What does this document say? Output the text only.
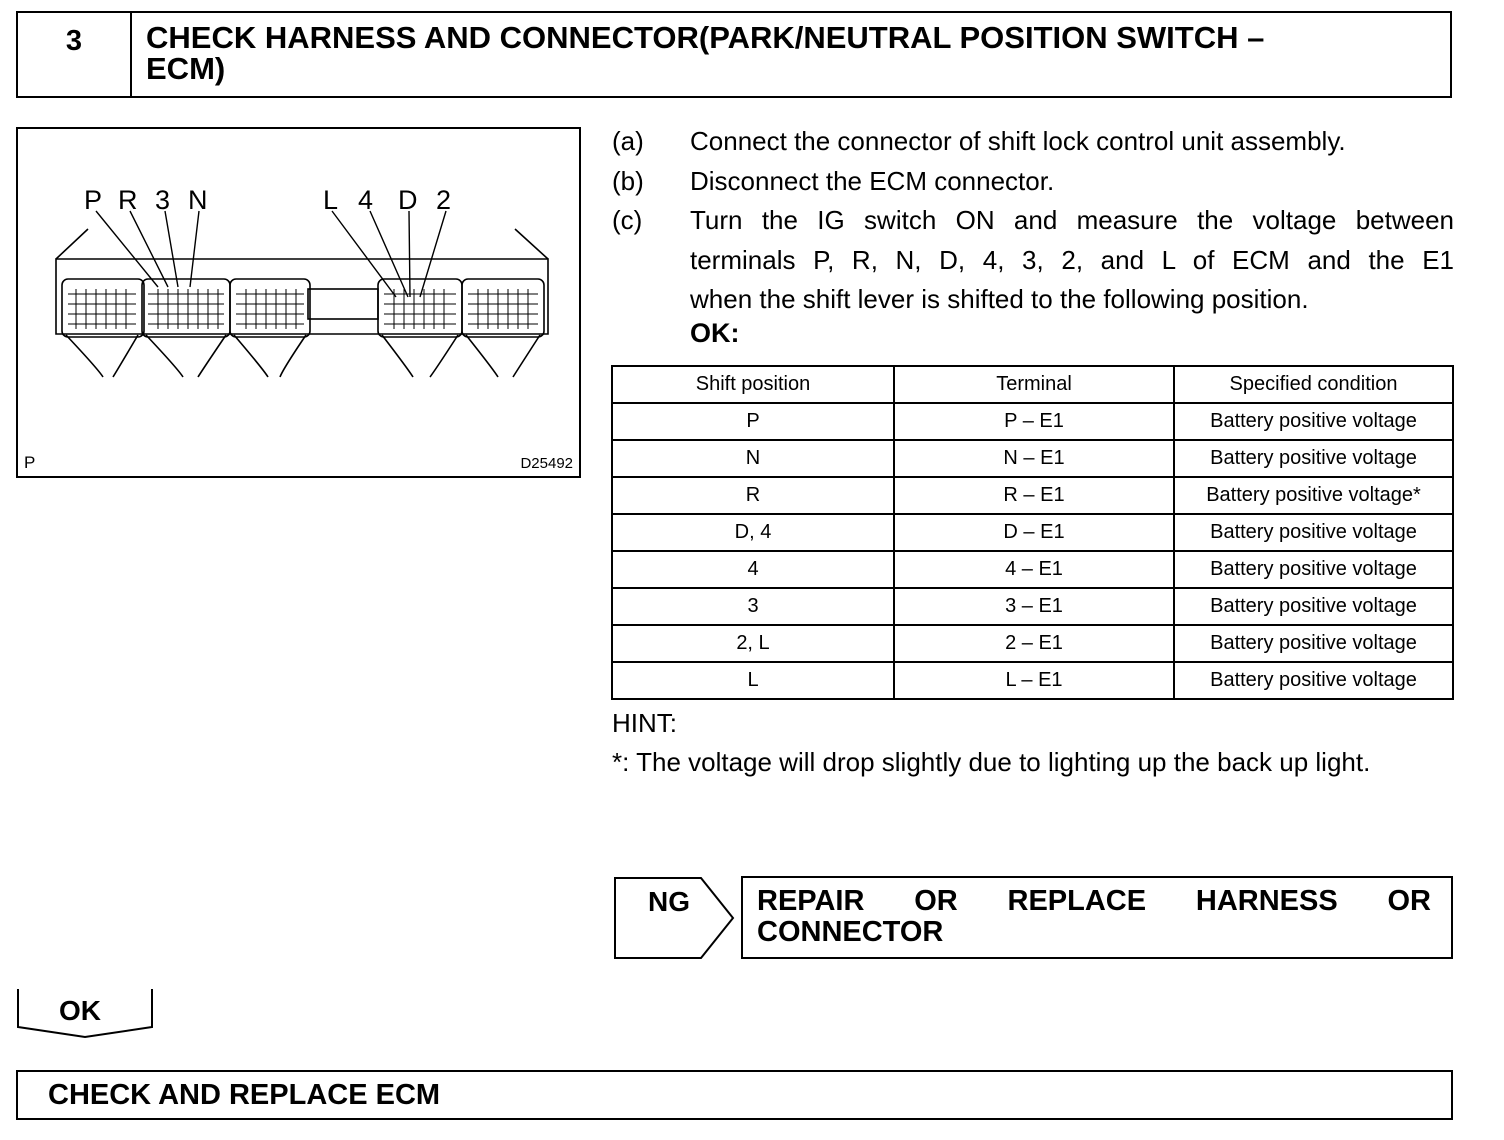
3	CHECK HARNESS AND CONNECTOR(PARK/NEUTRAL POSITION SWITCH –
ECM)
P R 3 N	L 4 D 2
P	D25492
(a) Connect the connector of shift lock control unit assembly.
(b) Disconnect the ECM connector.
(c) Turn the IG switch ON and measure the voltage between
terminals P, R, N, D, 4, 3, 2, and L of ECM and the E1
when the shift lever is shifted to the following position.
OK:
Shift position	Terminal	Specified condition
P	P – E1	Battery positive voltage
N	N – E1	Battery positive voltage
R	R – E1	Battery positive voltage*
D, 4	D – E1	Battery positive voltage
4	4 – E1	Battery positive voltage
3	3 – E1	Battery positive voltage
2, L	2 – E1	Battery positive voltage
L	L – E1	Battery positive voltage
HINT:
*: The voltage will drop slightly due to lighting up the back up light.
NG REPAIR OR REPLACE HARNESS OR
CONNECTOR
OK
CHECK AND REPLACE ECM
